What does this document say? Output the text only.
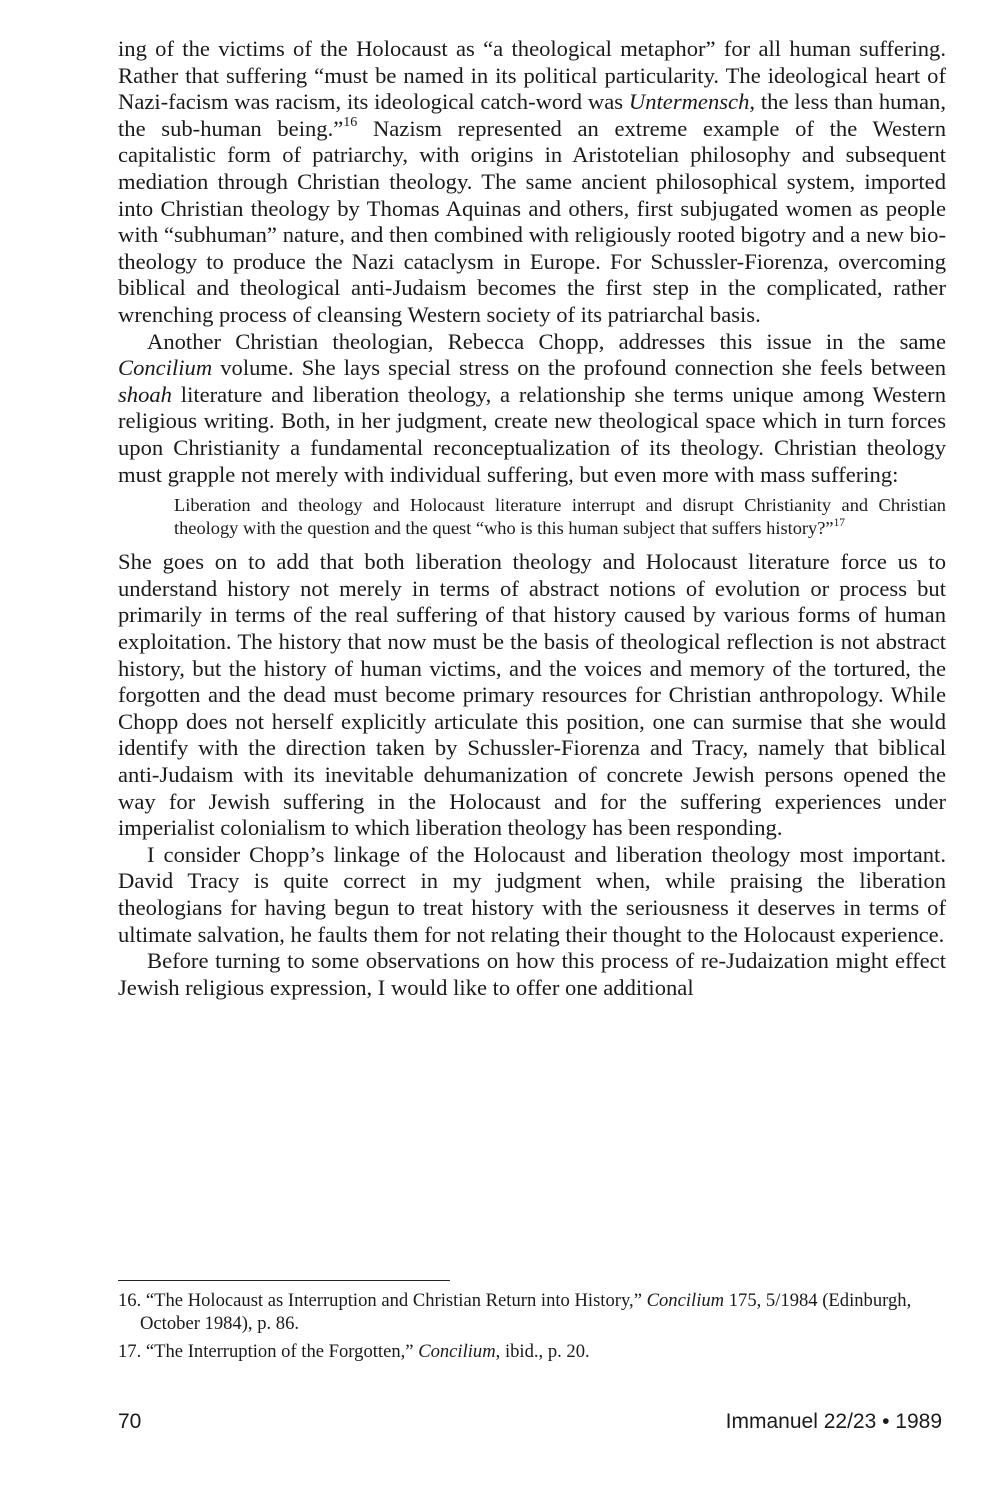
ing of the victims of the Holocaust as “a theological metaphor” for all human suffering. Rather that suffering “must be named in its political particularity. The ideological heart of Nazi-facism was racism, its ideological catch-word was Untermensch, the less than human, the sub-human being.”$^{16}$ Nazism represented an extreme example of the Western capitalistic form of patriarchy, with origins in Aristotelian philosophy and subsequent mediation through Christian theology. The same ancient philosophical system, imported into Christian theology by Thomas Aquinas and others, first subjugated women as people with “subhuman” nature, and then combined with religiously rooted bigotry and a new bio-theology to produce the Nazi cataclysm in Europe. For Schussler-Fiorenza, overcoming biblical and theological anti-Judaism becomes the first step in the complicated, rather wrenching process of cleansing Western society of its patriarchal basis.

Another Christian theologian, Rebecca Chopp, addresses this issue in the same Concilium volume. She lays special stress on the profound connection she feels between shoah literature and liberation theology, a relationship she terms unique among Western religious writing. Both, in her judgment, create new theological space which in turn forces upon Christianity a fundamental reconceptualization of its theology. Christian theology must grapple not merely with individual suffering, but even more with mass suffering:

Liberation and theology and Holocaust literature interrupt and disrupt Christianity and Christian theology with the question and the quest “who is this human subject that suffers history?”$^{17}$

She goes on to add that both liberation theology and Holocaust literature force us to understand history not merely in terms of abstract notions of evolution or process but primarily in terms of the real suffering of that history caused by various forms of human exploitation. The history that now must be the basis of theological reflection is not abstract history, but the history of human victims, and the voices and memory of the tortured, the forgotten and the dead must become primary resources for Christian anthropology. While Chopp does not herself explicitly articulate this position, one can surmise that she would identify with the direction taken by Schussler-Fiorenza and Tracy, namely that biblical anti-Judaism with its inevitable dehumanization of concrete Jewish persons opened the way for Jewish suffering in the Holocaust and for the suffering experiences under imperialist colonialism to which liberation theology has been responding.

I consider Chopp’s linkage of the Holocaust and liberation theology most important. David Tracy is quite correct in my judgment when, while praising the liberation theologians for having begun to treat history with the seriousness it deserves in terms of ultimate salvation, he faults them for not relating their thought to the Holocaust experience.

Before turning to some observations on how this process of re-Judaization might effect Jewish religious expression, I would like to offer one additional

16. “The Holocaust as Interruption and Christian Return into History,” Concilium 175, 5/1984 (Edinburgh, October 1984), p. 86.

17. “The Interruption of the Forgotten,” Concilium, ibid., p. 20.

70	Immanuel 22/23 • 1989
